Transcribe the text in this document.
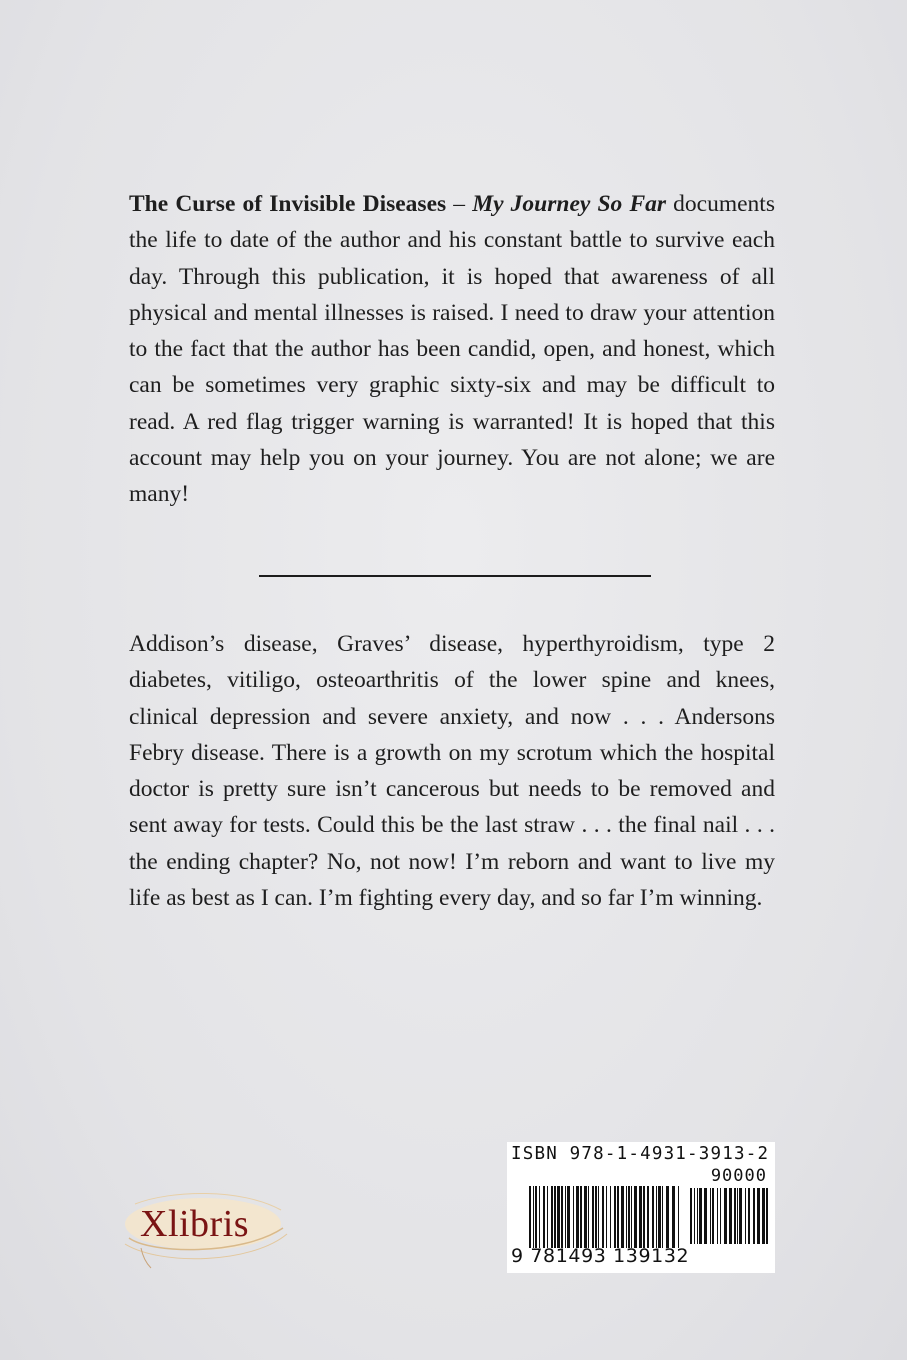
The Curse of Invisible Diseases – My Journey So Far documents the life to date of the author and his constant battle to survive each day. Through this publication, it is hoped that awareness of all physical and mental illnesses is raised. I need to draw your attention to the fact that the author has been candid, open, and honest, which can be sometimes very graphic sixty-six and may be difficult to read. A red flag trigger warning is warranted! It is hoped that this account may help you on your journey. You are not alone; we are many!

Addison’s disease, Graves’ disease, hyperthyroidism, type 2 diabetes, vitiligo, osteoarthritis of the lower spine and knees, clinical depression and severe anxiety, and now . . . Andersons Febry disease. There is a growth on my scrotum which the hospital doctor is pretty sure isn’t cancerous but needs to be removed and sent away for tests. Could this be the last straw . . . the final nail . . . the ending chapter? No, not now! I’m reborn and want to live my life as best as I can. I’m fighting every day, and so far I’m winning.

Xlibris
ISBN 978-1-4931-3913-2
90000
9 781493 139132
